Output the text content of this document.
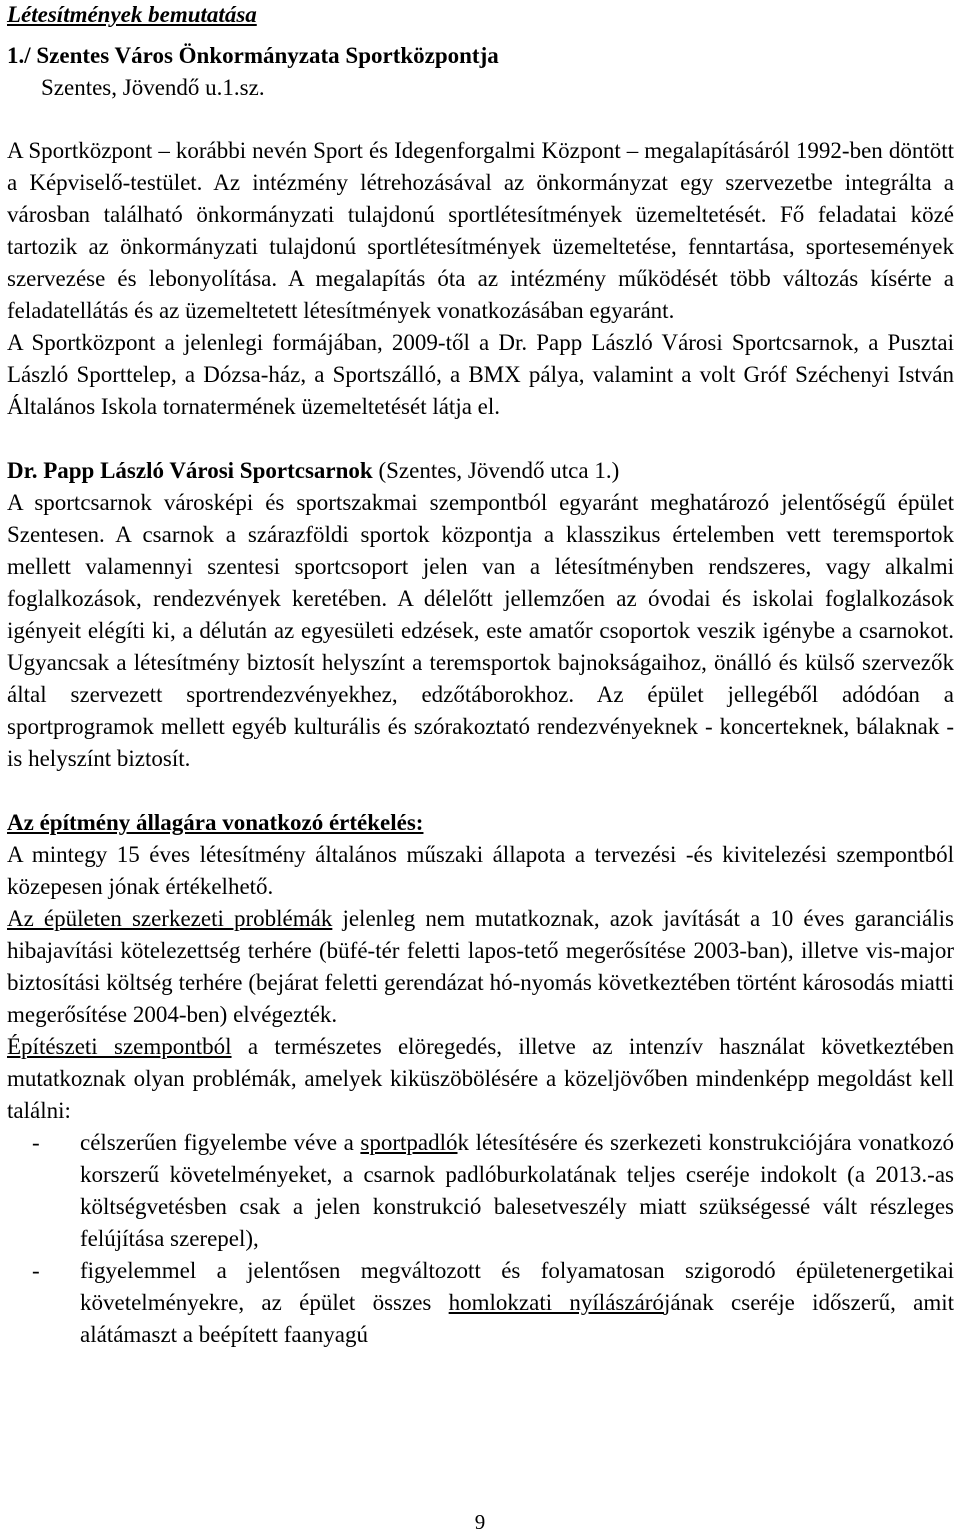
Létesítmények bemutatása

1./ Szentes Város Önkormányzata Sportközpontja

Szentes, Jövendő u.1.sz.

A Sportközpont – korábbi nevén Sport és Idegenforgalmi Központ – megalapításáról 1992-ben döntött a Képviselő-testület. Az intézmény létrehozásával az önkormányzat egy szervezetbe integrálta a városban található önkormányzati tulajdonú sportlétesítmények üzemeltetését. Fő feladatai közé tartozik az önkormányzati tulajdonú sportlétesítmények üzemeltetése, fenntartása, sportesemények szervezése és lebonyolítása. A megalapítás óta az intézmény működését több változás kísérte a feladatellátás és az üzemeltetett létesítmények vonatkozásában egyaránt.

A Sportközpont a jelenlegi formájában, 2009-től a Dr. Papp László Városi Sportcsarnok, a Pusztai László Sporttelep, a Dózsa-ház, a Sportszálló, a BMX pálya, valamint a volt Gróf Széchenyi István Általános Iskola tornatermének üzemeltetését látja el.

Dr. Papp László Városi Sportcsarnok (Szentes, Jövendő utca 1.)

A sportcsarnok városképi és sportszakmai szempontból egyaránt meghatározó jelentőségű épület Szentesen. A csarnok a szárazföldi sportok központja a klasszikus értelemben vett teremsportok mellett valamennyi szentesi sportcsoport jelen van a létesítményben rendszeres, vagy alkalmi foglalkozások, rendezvények keretében. A délelőtt jellemzően az óvodai és iskolai foglalkozások igényeit elégíti ki, a délután az egyesületi edzések, este amatőr csoportok veszik igénybe a csarnokot. Ugyancsak a létesítmény biztosít helyszínt a teremsportok bajnokságaihoz, önálló és külső szervezők által szervezett sportrendezvényekhez, edzőtáborokhoz. Az épület jellegéből adódóan a sportprogramok mellett egyéb kulturális és szórakoztató rendezvényeknek - koncerteknek, bálaknak - is helyszínt biztosít.

Az építmény állagára vonatkozó értékelés:

A mintegy 15 éves létesítmény általános műszaki állapota a tervezési -és kivitelezési szempontból közepesen jónak értékelhető.

Az épületen szerkezeti problémák jelenleg nem mutatkoznak, azok javítását a 10 éves garanciális hibajavítási kötelezettség terhére (büfé-tér feletti lapos-tető megerősítése 2003-ban), illetve vis-major biztosítási költség terhére (bejárat feletti gerendázat hó-nyomás következtében történt károsodás miatti megerősítése 2004-ben) elvégezték.

Építészeti szempontból a természetes elöregedés, illetve az intenzív használat következtében mutatkoznak olyan problémák, amelyek kiküszöbölésére a közeljövőben mindenképp megoldást kell találni:

- célszerűen figyelembe véve a sportpadlók létesítésére és szerkezeti konstrukciójára vonatkozó korszerű követelményeket, a csarnok padlóburkolatának teljes cseréje indokolt (a 2013.-as költségvetésben csak a jelen konstrukció balesetveszély miatt szükségessé vált részleges felújítása szerepel),
- figyelemmel a jelentősen megváltozott és folyamatosan szigorodó épületenergetikai követelményekre, az épület összes homlokzati nyílászárójának cseréje időszerű, amit alátámaszt a beépített faanyagú
9
